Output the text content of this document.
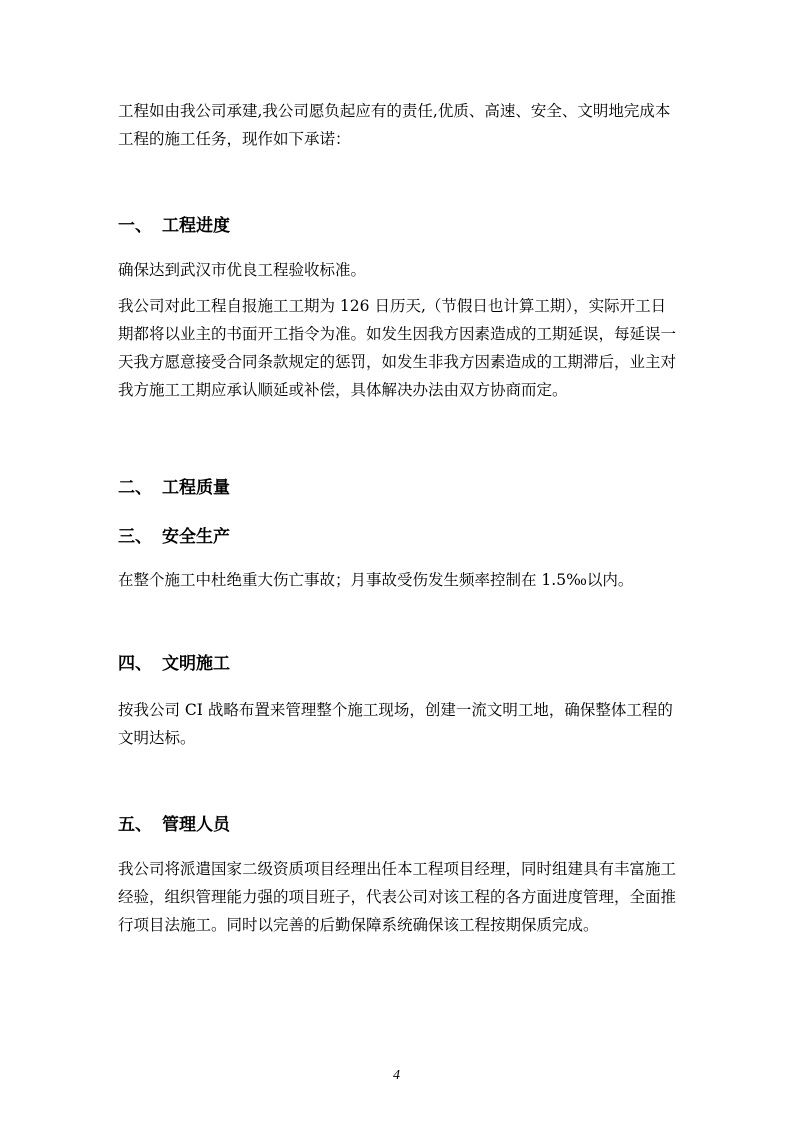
工程如由我公司承建,我公司愿负起应有的责任,优质、高速、安全、文明地完成本工程的施工任务，现作如下承诺：

一、 工程进度

确保达到武汉市优良工程验收标准。

我公司对此工程自报施工工期为 126 日历天,（节假日也计算工期），实际开工日期都将以业主的书面开工指令为准。如发生因我方因素造成的工期延误，每延误一天我方愿意接受合同条款规定的惩罚，如发生非我方因素造成的工期滞后，业主对我方施工工期应承认顺延或补偿，具体解决办法由双方协商而定。

二、 工程质量

三、 安全生产

在整个施工中杜绝重大伤亡事故；月事故受伤发生频率控制在 1.5‰以内。

四、 文明施工

按我公司 CI 战略布置来管理整个施工现场，创建一流文明工地，确保整体工程的文明达标。

五、 管理人员

我公司将派遣国家二级资质项目经理出任本工程项目经理，同时组建具有丰富施工经验，组织管理能力强的项目班子，代表公司对该工程的各方面进度管理，全面推行项目法施工。同时以完善的后勤保障系统确保该工程按期保质完成。

4
